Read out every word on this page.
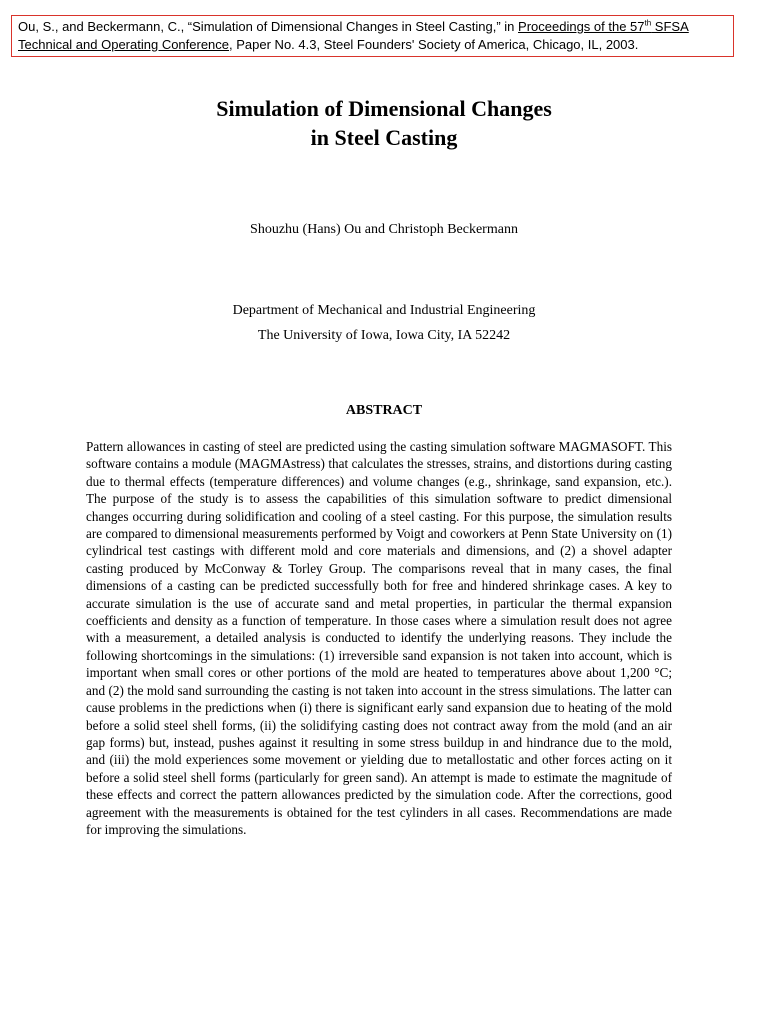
Ou, S., and Beckermann, C., “Simulation of Dimensional Changes in Steel Casting,” in Proceedings of the 57th SFSA Technical and Operating Conference, Paper No. 4.3, Steel Founders' Society of America, Chicago, IL, 2003.
Simulation of Dimensional Changes
in Steel Casting
Shouzhu (Hans) Ou and Christoph Beckermann
Department of Mechanical and Industrial Engineering
The University of Iowa, Iowa City, IA 52242
ABSTRACT

Pattern allowances in casting of steel are predicted using the casting simulation software MAGMASOFT. This software contains a module (MAGMAstress) that calculates the stresses, strains, and distortions during casting due to thermal effects (temperature differences) and volume changes (e.g., shrinkage, sand expansion, etc.). The purpose of the study is to assess the capabilities of this simulation software to predict dimensional changes occurring during solidification and cooling of a steel casting. For this purpose, the simulation results are compared to dimensional measurements performed by Voigt and coworkers at Penn State University on (1) cylindrical test castings with different mold and core materials and dimensions, and (2) a shovel adapter casting produced by McConway & Torley Group. The comparisons reveal that in many cases, the final dimensions of a casting can be predicted successfully both for free and hindered shrinkage cases. A key to accurate simulation is the use of accurate sand and metal properties, in particular the thermal expansion coefficients and density as a function of temperature. In those cases where a simulation result does not agree with a measurement, a detailed analysis is conducted to identify the underlying reasons. They include the following shortcomings in the simulations: (1) irreversible sand expansion is not taken into account, which is important when small cores or other portions of the mold are heated to temperatures above about 1,200 °C; and (2) the mold sand surrounding the casting is not taken into account in the stress simulations. The latter can cause problems in the predictions when (i) there is significant early sand expansion due to heating of the mold before a solid steel shell forms, (ii) the solidifying casting does not contract away from the mold (and an air gap forms) but, instead, pushes against it resulting in some stress buildup in and hindrance due to the mold, and (iii) the mold experiences some movement or yielding due to metallostatic and other forces acting on it before a solid steel shell forms (particularly for green sand). An attempt is made to estimate the magnitude of these effects and correct the pattern allowances predicted by the simulation code. After the corrections, good agreement with the measurements is obtained for the test cylinders in all cases. Recommendations are made for improving the simulations.
